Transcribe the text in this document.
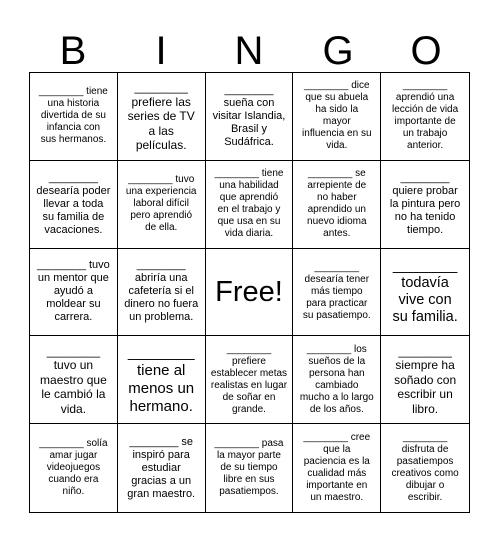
B	I	N	G	O
________ tiene
una historia
divertida de su
infancia con
sus hermanos.
________
prefiere las
series de TV
a las
películas.
________
sueña con
visitar Islandia,
Brasil y
Sudáfrica.
________ dice
que su abuela
ha sido la
mayor
influencia en su
vida.
________
aprendió una
lección de vida
importante de
un trabajo
anterior.
________
desearía poder
llevar a toda
su familia de
vacaciones.
________ tuvo
una experiencia
laboral difícil
pero aprendió
de ella.
________ tiene
una habilidad
que aprendió
en el trabajo y
que usa en su
vida diaria.
________ se
arrepiente de
no haber
aprendido un
nuevo idioma
antes.
________
quiere probar
la pintura pero
no ha tenido
tiempo.
________ tuvo
un mentor que
ayudó a
moldear su
carrera.
________
abriría una
cafetería si el
dinero no fuera
un problema.
Free!
________
desearía tener
más tiempo
para practicar
su pasatiempo.
________
todavía
vive con
su familia.
________
tuvo un
maestro que
le cambió la
vida.
________
tiene al
menos un
hermano.
________
prefiere
establecer metas
realistas en lugar
de soñar en
grande.
________ los
sueños de la
persona han
cambiado
mucho a lo largo
de los años.
________
siempre ha
soñado con
escribir un
libro.
________ solía
amar jugar
videojuegos
cuando era
niño.
________ se
inspiró para
estudiar
gracias a un
gran maestro.
________ pasa
la mayor parte
de su tiempo
libre en sus
pasatiempos.
________ cree
que la
paciencia es la
cualidad más
importante en
un maestro.
________
disfruta de
pasatiempos
creativos como
dibujar o
escribir.
